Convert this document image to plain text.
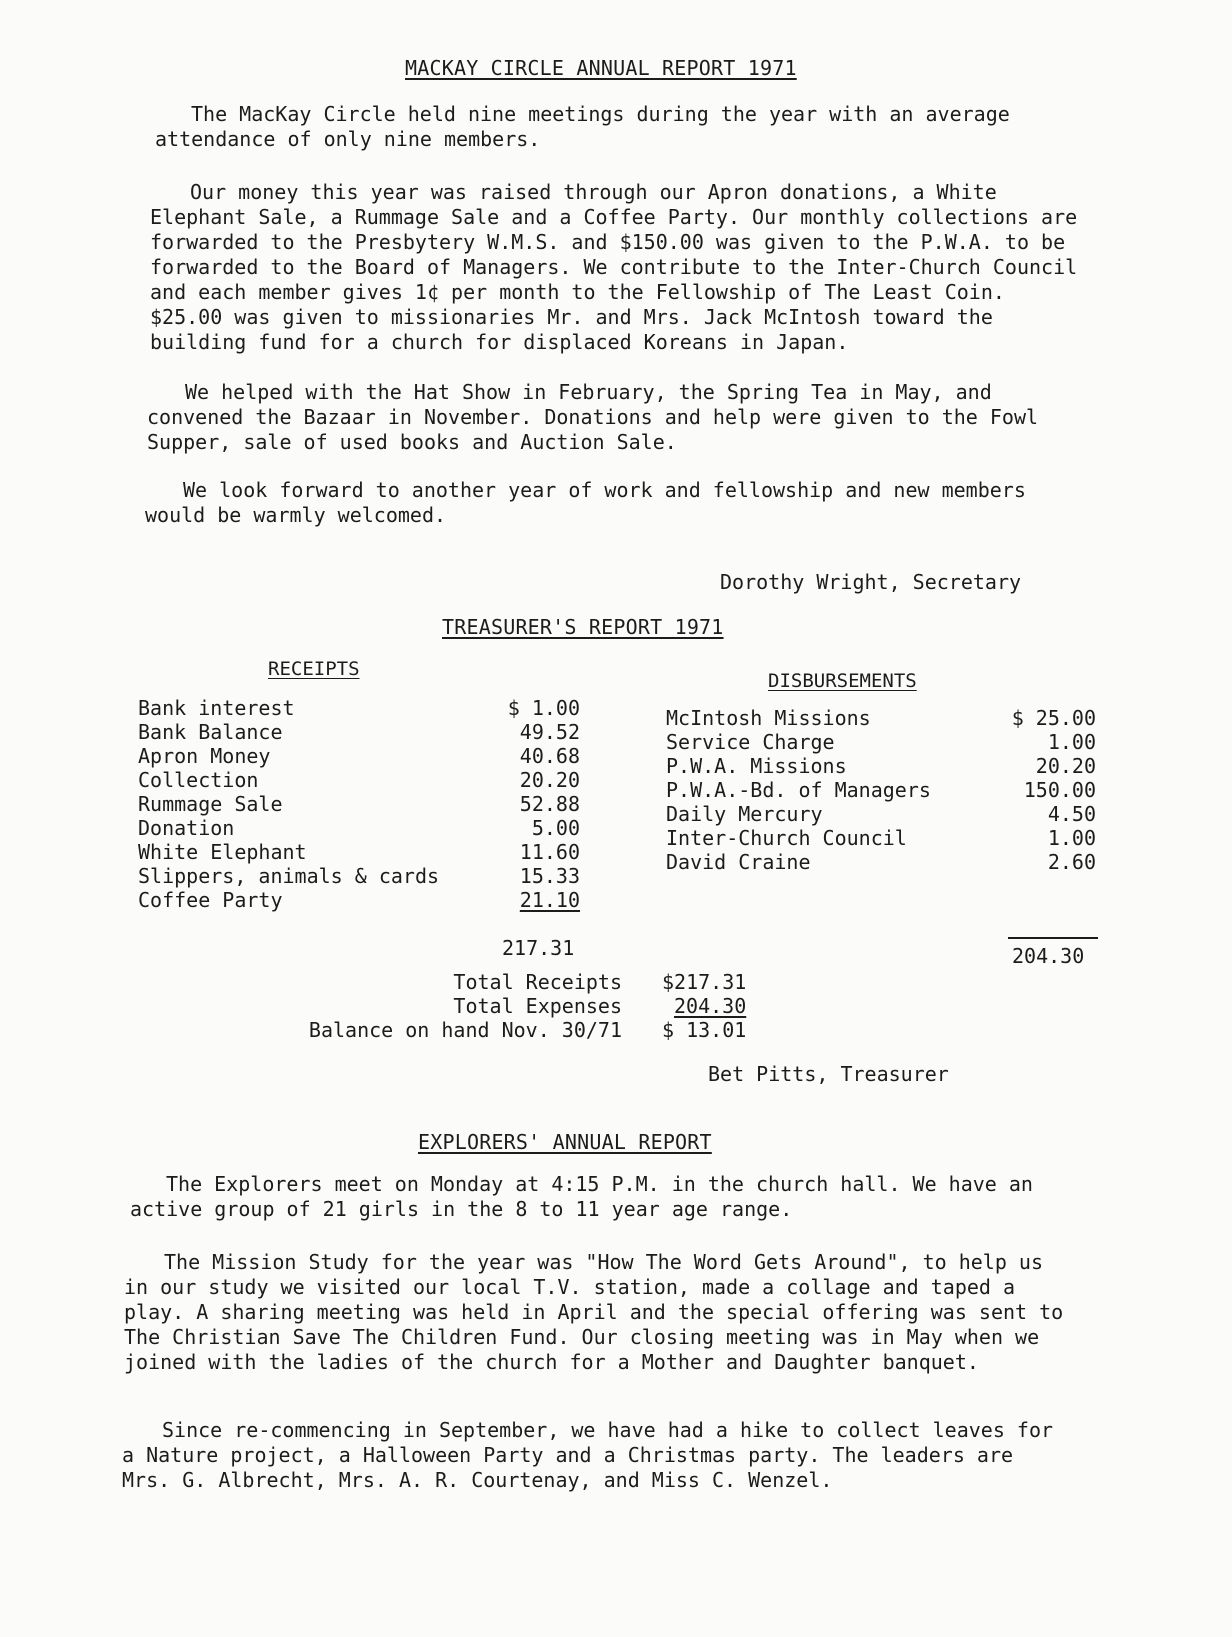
MACKAY CIRCLE ANNUAL REPORT 1971

The MacKay Circle held nine meetings during the year with an average attendance of only nine members.

Our money this year was raised through our Apron donations, a White Elephant Sale, a Rummage Sale and a Coffee Party. Our monthly collections are forwarded to the Presbytery W.M.S. and $150.00 was given to the P.W.A. to be forwarded to the Board of Managers. We contribute to the Inter-Church Council and each member gives 1¢ per month to the Fellowship of The Least Coin. $25.00 was given to missionaries Mr. and Mrs. Jack McIntosh toward the building fund for a church for displaced Koreans in Japan.

We helped with the Hat Show in February, the Spring Tea in May, and convened the Bazaar in November. Donations and help were given to the Fowl Supper, sale of used books and Auction Sale.

We look forward to another year of work and fellowship and new members would be warmly welcomed.

Dorothy Wright, Secretary
TREASURER'S REPORT 1971
RECEIPTS
DISBURSEMENTS
Bank interest	$ 1.00
Bank Balance	49.52
Apron Money	40.68
Collection	20.20
Rummage Sale	52.88
Donation	5.00
White Elephant	11.60
Slippers, animals & cards	15.33
Coffee Party	21.10
217.31
McIntosh Missions	$ 25.00
Service Charge	1.00
P.W.A. Missions	20.20
P.W.A.-Bd. of Managers	150.00
Daily Mercury	4.50
Inter-Church Council	1.00
David Craine	2.60
204.30
Total Receipts $217.31
Total Expenses	204.30
Balance on hand Nov. 30/71 $ 13.01
Bet Pitts, Treasurer
EXPLORERS' ANNUAL REPORT

The Explorers meet on Monday at 4:15 P.M. in the church hall. We have an active group of 21 girls in the 8 to 11 year age range.

The Mission Study for the year was "How The Word Gets Around", to help us in our study we visited our local T.V. station, made a collage and taped a play. A sharing meeting was held in April and the special offering was sent to The Christian Save The Children Fund. Our closing meeting was in May when we joined with the ladies of the church for a Mother and Daughter banquet.

Since re-commencing in September, we have had a hike to collect leaves for a Nature project, a Halloween Party and a Christmas party. The leaders are Mrs. G. Albrecht, Mrs. A. R. Courtenay, and Miss C. Wenzel.
